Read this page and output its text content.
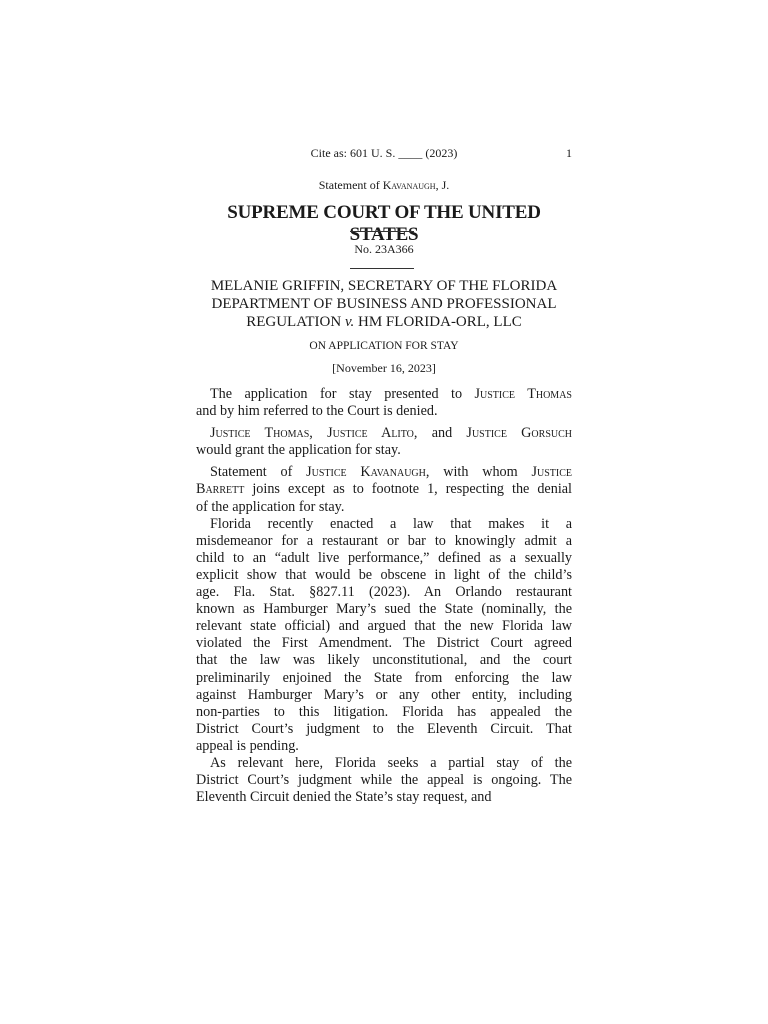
Cite as: 601 U. S. ____ (2023)	1
Statement of Kavanaugh, J.
SUPREME COURT OF THE UNITED STATES
No. 23A366
MELANIE GRIFFIN, SECRETARY OF THE FLORIDA
DEPARTMENT OF BUSINESS AND PROFESSIONAL
REGULATION v. HM FLORIDA-ORL, LLC
ON APPLICATION FOR STAY
[November 16, 2023]
The application for stay presented to Justice Thomas
and by him referred to the Court is denied.
Justice Thomas, Justice Alito, and Justice Gorsuch
would grant the application for stay.
Statement of Justice Kavanaugh, with whom Justice
Barrett joins except as to footnote 1, respecting the denial
of the application for stay.
Florida recently enacted a law that makes it a
misdemeanor for a restaurant or bar to knowingly admit a
child to an “adult live performance,” defined as a sexually
explicit show that would be obscene in light of the child’s
age. Fla. Stat. §827.11 (2023). An Orlando restaurant
known as Hamburger Mary’s sued the State (nominally, the
relevant state official) and argued that the new Florida law
violated the First Amendment. The District Court agreed
that the law was likely unconstitutional, and the court
preliminarily enjoined the State from enforcing the law
against Hamburger Mary’s or any other entity, including
non-parties to this litigation. Florida has appealed the
District Court’s judgment to the Eleventh Circuit. That
appeal is pending.
As relevant here, Florida seeks a partial stay of the
District Court’s judgment while the appeal is ongoing. The
Eleventh Circuit denied the State’s stay request, and
